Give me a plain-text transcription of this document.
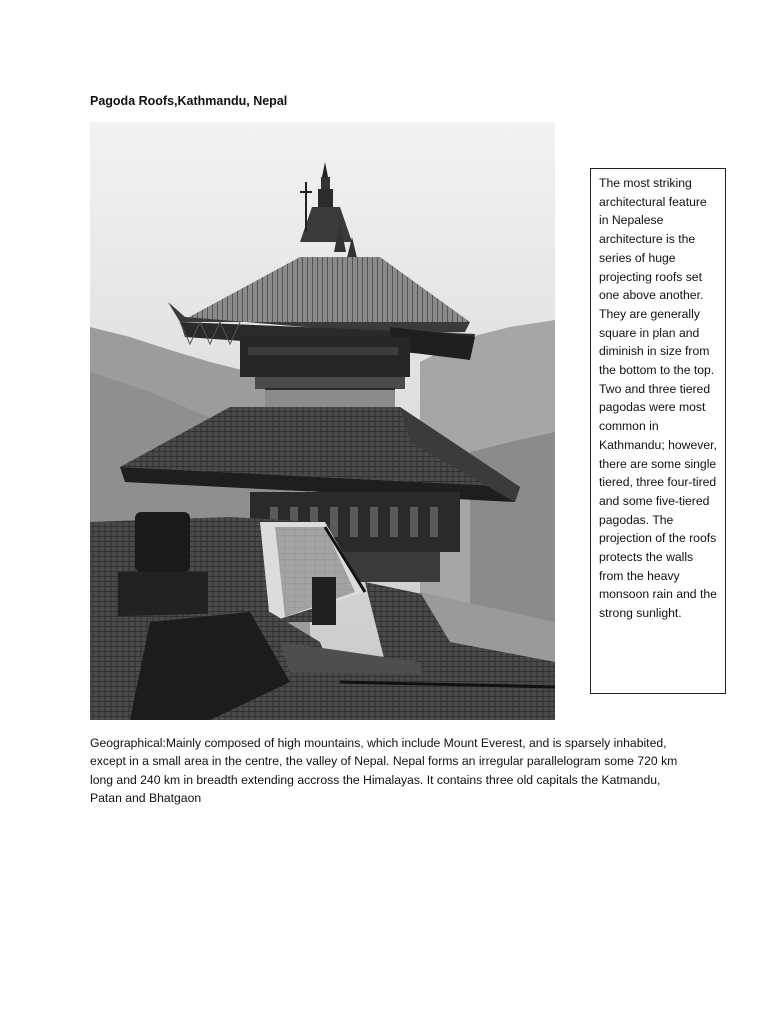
Pagoda Roofs,Kathmandu, Nepal

The most striking architectural feature in Nepalese architecture is the series of huge projecting roofs set one above another. They are generally square in plan and diminish in size from the bottom to the top. Two and three tiered pagodas were most common in Kathmandu; however, there are some single tiered, three four-tired and some five-tiered pagodas. The projection of the roofs protects the walls from the heavy monsoon rain and the strong sunlight.

Geographical:Mainly composed of high mountains, which include Mount Everest, and is sparsely inhabited, except in a small area in the centre, the valley of Nepal. Nepal forms an irregular parallelogram some 720 km long and 240 km in breadth extending accross the Himalayas. It contains three old capitals the Katmandu, Patan and Bhatgaon
